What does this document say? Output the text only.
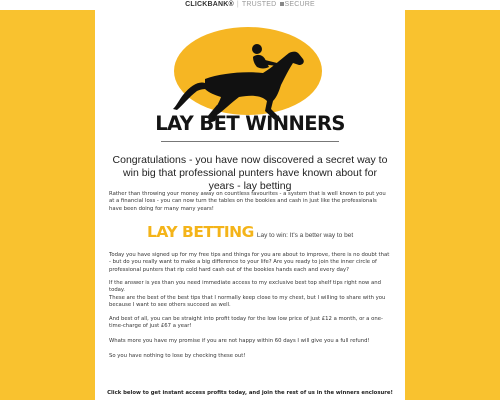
CLICKBANK® | TRUSTED SECURE
LAY BET WINNERS
Congratulations - you have now discovered a secret way to win big that professional punters have known about for years - lay betting
Rather than throwing your money away on countless favourites - a system that is well known to put you at a financial loss - you can now turn the tables on the bookies and cash in just like the professionals have been doing for many many years!
LAY BETTING Lay to win: It's a better way to bet
Today you have signed up for my free tips and things for you are about to improve, there is no doubt that - but do you really want to make a big difference to your life? Are you ready to join the inner circle of professional punters that rip cold hard cash out of the bookies hands each and every day?
If the answer is yes than you need immediate access to my exclusive best top shelf tips right now and today.
These are the best of the best tips that I normally keep close to my chest, but I willing to share with you because I want to see others succeed as well.
And best of all, you can be straight into profit today for the low low price of just £12 a month, or a one-time-charge of just £67 a year!
Whats more you have my promise if you are not happy within 60 days I will give you a full refund!
So you have nothing to lose by checking these out!
Click below to get instant access profits today, and join the rest of us in the winners enclosure!
